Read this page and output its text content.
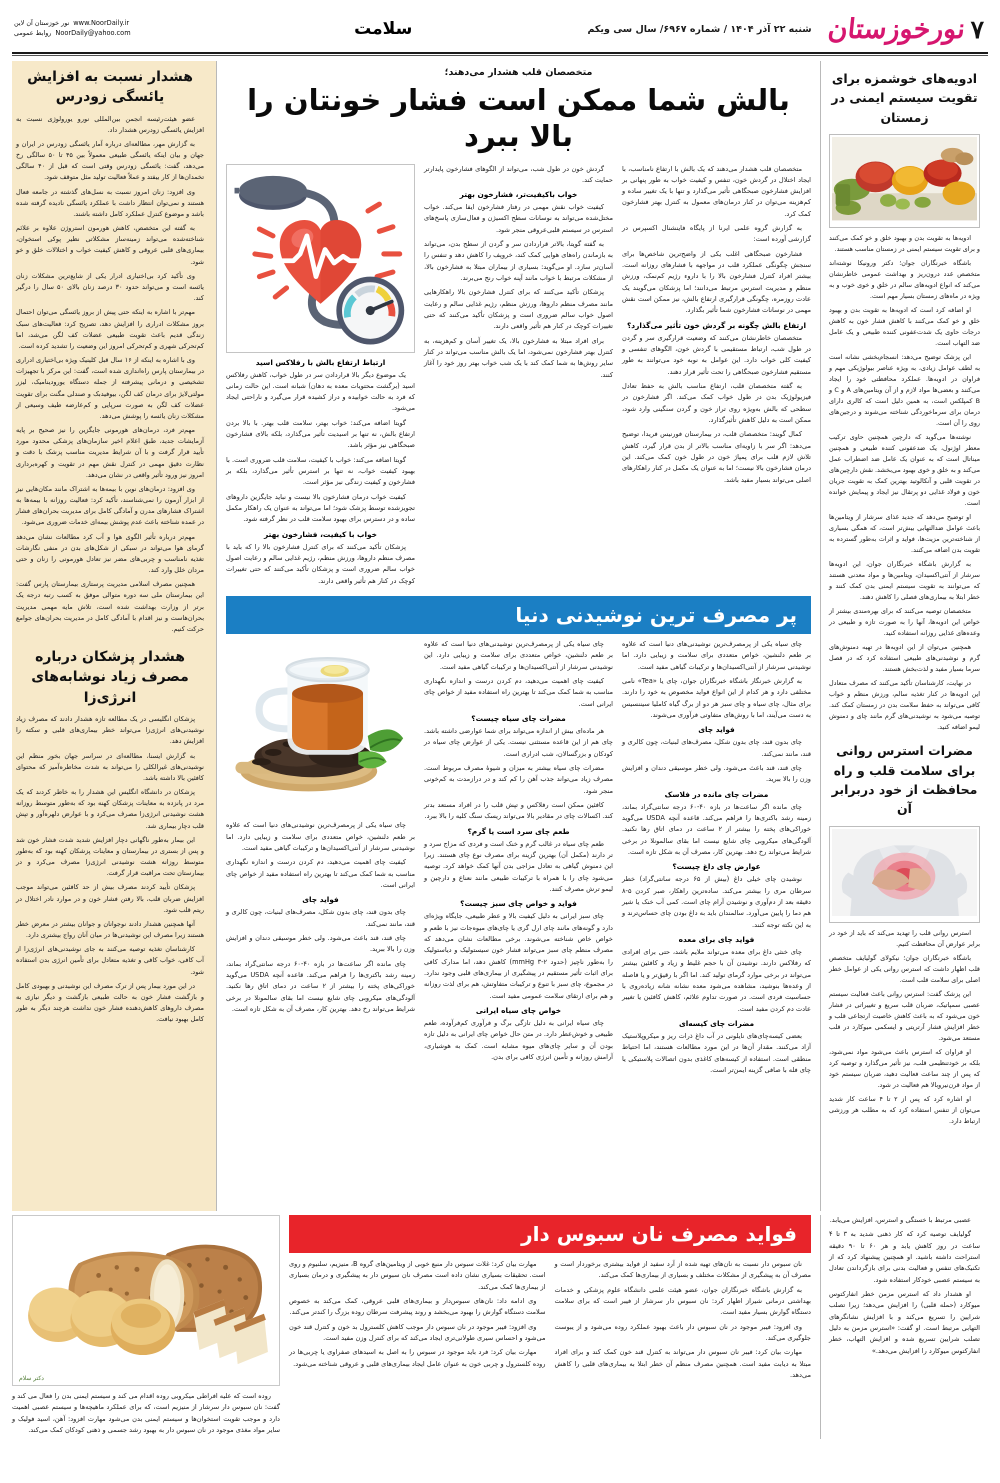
۷
نورخوزستان
شنبه ۲۲ آذر ۱۴۰۴ / شماره ۶۹۶۷/ سال سی ویکم
سلامت
نور خوزستان آن لاین www.NoorDaily.ir
روابط عمومی NoorDaily@yahoo.com
ادویه‌های خوشمزه برای تقویت سیستم ایمنی در زمستان

ادویه‌ها به تقویت بدن و بهبود خلق و خو کمک می‌کنند و برای تقویت سیستم ایمنی در زمستان مناسب هستند.

باشگاه خبرنگاران جوان؛ دکتر ورونیکا نوشته‌اند متخصص غدد درون‌ریز و بهداشت عمومی خاطرنشان می‌کند که انواع ادویه‌های سالم در خلق و خوی خوب و به ویژه در ماه‌های زمستان بسیار مهم است.

او اضافه کرد است که ادویه‌ها به تقویت بدن و بهبود خلق و خو کمک می‌کنند با کاهش فشار خون به کاهش درجات حاوی یک شدت‌عفونی کننده طبیعی و یک عامل ضد التهاب است.

این پزشک توضیح می‌دهد: انسجام‌بخشی نشانه است به لطف عوامل زیادی، به ویژه عناصر بیولوژیکی مهم و فراوان در ادویه‌ها. عملکرد محافظتی خود را ایجاد می‌کنند و بعضی‌ها مواد لازم و از آن ویتامین‌های A و C و B کمپلکس است، به همین دلیل است که کالری دارای درمان برای سرماخوردگی شناخته می‌شوند و درجین‌های روی را آن است.

نوشته‌ها می‌گوید که دارچین همچنین حاوی ترکیب معطر اوژنول، یک ضدعفونی کننده طبیعی و همچنین میناتال است که به عنوان یک عامل ضد اضطراب عمل می‌کند و به خلق و خوی بهبود می‌بخشد. نقش دارچین‌های در تقویت قلبی و آنکالوتید بهترین کمک به تقویت جریان خون و فولاد غذایی دو پرتقال نیز ایجاد و پیمایش خوانده است.

او توضیح می‌دهد که جدید غذای سرشار از ویتامین‌ها باعث عوامل ضدالتهابی بیش‌تر است، که همگی بسیاری از شناخته‌ترین مزیت‌ها، فواید و اثرات به‌طور گسترده به تقویت بدن اضافه می‌کنند.

به گزارش باشگاه خبرنگاران جوان، این ادویه‌ها سرشار از آنتی‌اکسیدان، ویتامین‌ها و مواد معدنی هستند که می‌توانند به تقویت سیستم ایمنی بدن کمک کنند و خطر ابتلا به بیماری‌های فصلی را کاهش دهند.

متخصصان توصیه می‌کنند که برای بهره‌مندی بیشتر از خواص این ادویه‌ها، آنها را به صورت تازه و طبیعی در وعده‌های غذایی روزانه استفاده کنید.

همچنین می‌توان از این ادویه‌ها در تهیه دمنوش‌های گرم و نوشیدنی‌های طبیعی استفاده کرد که در فصل سرما بسیار مفید و لذت‌بخش هستند.

در نهایت، کارشناسان تأکید می‌کنند که مصرف متعادل این ادویه‌ها در کنار تغذیه سالم، ورزش منظم و خواب کافی می‌تواند به حفظ سلامت بدن در زمستان کمک کند. توصیه می‌شود به نوشیدنی‌های گرم مانند چای و دمنوش لیمو اضافه کنید.

مضرات استرس روانی برای سلامت قلب و راه محافظت از خود دربرابر آن

استرس روانی قلب را تهدید می‌کند که باید از خود در برابر عوارض آن محافظت کنیم.

باشگاه خبرنگاران جوان؛ نیکولای گولیایف متخصص قلب اظهار داشت که استرس روانی یکی از عوامل خطر اصلی برای سلامت قلب است.

این پزشک گفت: استرس روانی باعث فعالیت سیستم عصبی سمپاتیک، ضربان قلب سریع و تغییراتی در فشار خون می‌شود که به باعث کاهش خاصیت ارتجاعی قلب و خطر افزایش فشار آرتریتی و ایسکمی میوکارد در قلب مستعد می‌شود.

او فراوان که استرس باعث می‌شود مواد نمی‌شود، بلکه بر خودتنظیمی قلب، نیز تأثیر می‌گذارد و توصیه کرد که پس از چند ساعت فعالیت دهید، ضربان سیستم خود از مواد قرن‌نیروبالا هم فعالیت در شود.

او اشاره کرد که پس از ۲ تا ۴ ساعت کار شدید می‌توان از تنفس استفاده کرد که به مطلب هر ورزشی ارتباط دارد.

متخصصان قلب هشدار می‌دهند؛
بالش شما ممکن است فشار خونتان را بالا ببرد

متخصصان قلب هشدار می‌دهند که یک بالش با ارتفاع نامناسب، با ایجاد اختلال در گردش خون، تنفس و کیفیت خواب به طور پنهانی بر افزایش فشارخون صبحگاهی تأثیر می‌گذارد و تنها با یک تغییر ساده و کم‌هزینه می‌توان در کنار درمان‌های معمول به کنترل بهتر فشارخون کمک کرد.

به گزارش گروه علمی ایرنا از پایگاه فاینشنال اکسپرس در گزارشی آورده است:

فشارخون صبحگاهی اغلب یکی از واضح‌ترین شاخص‌ها برای سنجش چگونگی عملکرد قلب در مواجهه با فشارهای روزانه است. بیشتر افراد کنترل فشارخون بالا را با داروء رژیم کم‌نمک، ورزش منظم و مدیریت استرس مرتبط می‌دانند؛ اما پزشکان می‌گویند یک عادت روزمره، چگونگی قرارگیری ارتفاع بالش، نیز ممکن است نقش مهمی در نوسانات فشارخون شما تأثیر بگذارد.

ارتفاع بالش چگونه بر گردش خون تأثیر می‌گذارد؟

متخصصان خاطرنشان می‌کنند که وضعیت قرارگیری سر و گردن در طول شب، ارتباط مستقیمی با گردش خون، الگوهای تنفسی و کیفیت کلی خواب دارد. این عوامل به نوبه خود می‌توانند به طور مستقیم فشارخون صبحگاهی را تحت تأثیر قرار دهند.

به گفته متخصصان قلب، ارتفاع مناسب بالش به حفظ تعادل فیزیولوژیک بدن در طول خواب کمک می‌کند. اگر فشارخون در سطحی که بالش به‌ویژه روی تراز خون و گردن سنگینی وارد شود، ممکن است به دلیل کاهش تأثیرگذارد.

کمال گویند: متخصصان قلب، در بیمارستان فورنیس فریدا، توضیح می‌دهد: اگر سر با زاویه‌ای مناسب بالاتر از بدن قرار گیرد، کاهش تلاش لازم قلب برای پمپاژ خون در طول خون کمک می‌کند. این درمان فشارخون بالا نیست؛ اما به عنوان یک مکمل در کنار راهکارهای اصلی می‌تواند بسیار مفید باشد.

گردش خون در طول شب، می‌تواند از الگوهای فشارخون پایدارتر حمایت کند.

خواب باکیفیت‌تر، فشارخون بهتر

کیفیت خواب نقش مهمی در رفتار فشارخون ایفا می‌کند. خواب مختل‌شده می‌تواند به نوسانات سطح اکسیژن و فعال‌سازی پاسخ‌های استرس در سیستم قلبی‌عروقی منجر شود.

به گفته گویتا، بالاتر قراردادن سر و گردن از سطح بدن، می‌تواند به بازماندن راه‌های هوایی کمک کند، خروپف را کاهش دهد و تنفس را آسان‌تر سازد. او می‌گوید: بسیاری از بیماران مبتلا به فشارخون بالا، از مشکلات مرتبط با خواب مانند آپنه خواب رنج می‌برند.

پزشکان تأکید می‌کنند که برای کنترل فشارخون بالا راهکارهایی مانند مصرف منظم داروها، ورزش منظم، رژیم غذایی سالم و رعایت اصول خواب سالم ضروری است و پزشکان تأکید می‌کنند که حتی تغییرات کوچک در کنار هم تأثیر واقعی دارند.

برای افراد مبتلا به فشارخون بالا، یک تغییر آسان و کم‌هزینه، به کنترل بهتر فشارخون نمی‌شود، اما یک بالش مناسب می‌تواند در کنار سایر روش‌ها به شما کمک کند با یک شب خواب بهتر روز خود را آغاز کنند.

ارتباط ارتفاع بالش با رفلاکس اسید

یک موضوع دیگر بالا قراردادن سر در طول خواب، کاهش رفلاکس اسید (برگشت محتویات معده به دهان) شبانه است. این حالت زمانی که فرد به حالت خوابیده و دراز کشیده قرار می‌گیرد و ناراحتی ایجاد می‌شود.

گویتا اضافه می‌کند: خواب بهتر، سلامت قلب بهتر. با بالا بردن ارتفاع بالش، نه تنها بر اسیدیت تأثیر می‌گذارد، بلکه بالای فشارخون صبحگاهی نیز مؤثر باشد.

گویتا اضافه می‌کند: خواب با کیفیت، سلامت قلب ضروری است. با بهبود کیفیت خواب، نه تنها بر استرس تأثیر می‌گذارد، بلکه بر فشارخون و کیفیت زندگی نیز مؤثر است.

کیفیت خواب درمان فشارخون بالا نیست و نباید جایگزین داروهای تجویزشده توسط پزشک شود؛ اما می‌تواند به عنوان یک راهکار مکمل ساده و در دسترس برای بهبود سلامت قلب در نظر گرفته شود.

خواب با کیفیت، فشارخون بهتر

پزشکان تأکید می‌کنند که برای کنترل فشارخون بالا را که باید با مصرف منظم داروها، ورزش منظم، رژیم غذایی سالم و رعایت اصول خواب سالم ضروری است و پزشکان تأکید می‌کنند که حتی تغییرات کوچک در کنار هم تأثیر واقعی دارند.

پر مصرف ترین نوشیدنی دنیا

چای سیاه یکی از پرمصرف‌ترین نوشیدنی‌های دنیا است که علاوه بر طعم دلنشین، خواص متعددی برای سلامت و زیبایی دارد. اما نوشیدنی سرشار از آنتی‌اکسیدان‌ها و ترکیبات گیاهی مفید است.

به گزارش خبرنگار باشگاه خبرنگاران جوان، چای یا «Tea» نامی مختلفی دارد و هر کدام از این انواع فواید مخصوص به خود را دارند. برای مثال، چای سیاه و چای سبز هر دو از برگ گیاه کاملیا سیننسیس به دست می‌آیند، اما با روش‌های متفاوتی فرآوری می‌شوند.

فواید چای

چای بدون قند، چای بدون شکل، مصرف‌های لبنیات، چون کالری و قند، مانند نمی‌کند.

چای قند، قند باعث می‌شود. ولی خطر موسیقی دندان و افزایش وزن را بالا ببرید.

مضرات چای مانده در فلاسک

چای مانده اگر ساعت‌ها در بازه ۴۰-۶۰ درجه سانتی‌گراد بماند، زمینه رشد باکتری‌ها را فراهم می‌کند. قاعده آنچه USDA می‌گوید خوراکی‌های پخته را بیشتر از ۲ ساعت در دمای اتاق رها نکنید. آلودگی‌های میکروبی چای شایع نیست اما بقای سالمونلا در برخی شرایط می‌تواند رخ دهد. بهترین کار، مصرف آن به شکل تازه است.

عوارض چای داغ چیست؟

نوشیدن چای خیلی داغ (بیش از ۶۵ درجه سانتی‌گراد) خطر سرطان مری را بیشتر می‌کند. ساده‌ترین راهکار، صبر کردن ۵-۸ دقیقه بعد از دم‌آوری و نوشیدن آرام چای است. کمی آب خنک یا شیر هم دما را پایین می‌آورد. سالمندان باید به داغ بودن چای حساس‌ترند و به این نکته توجه کنند.

فواید چای برای معده

چای خنثی داغ برای معده می‌تواند ملایم باشد، حتی برای افرادی که رفلاکس دارند. نوشیدن آن با حجم غلیظ و زیاد و کافئین بیشتر می‌تواند در برخی موارد گرمای تولید کند. اما اگر با رقیق‌تر و یا فاصله از وعده‌ها بنوشید، مشاهده می‌شود معده نشانه شانه زیاده‌روی با حساسیت فردی است. در صورت تداوم علائم، کاهش کافئین یا تغییر عادت دم کردن مفید است.

مضرات چای کیسه‌ای

بعضی کیسه‌چای‌های نایلونی در آب داغ ذرات ریز و میکروپلاستیک آزاد می‌کنند. مقدار آن‌ها در این مورد مطالعات هستند، اما احتیاط منطقی است. استفاده از کیسه‌های کاغذی بدون اتصالات پلاستیکی یا چای فله با صافی گزینه ایمن‌تر است.

چای سیاه یکی از پرمصرف‌ترین نوشیدنی‌های دنیا است که علاوه بر طعم دلنشین، خواص متعددی برای سلامت و زیبایی دارد. این نوشیدنی سرشار از آنتی‌اکسیدان‌ها و ترکیبات گیاهی مفید است.

کیفیت چای اهمیت می‌دهید، دم کردن درست و اندازه نگهداری مناسب به شما کمک می‌کند تا بهترین راه استفاده مفید از خواص چای ایرانی است.

مضرات چای سیاه چیست؟

هر ماده‌ای بیش از اندازه می‌تواند برای شما عوارضی داشته باشد. چای هم از این قاعده مستثنی نیست. یکی از عوارض چای سیاه در کودکان و بزرگسالان، شب ادراری است.

مضرات چای سیاه بیشتر به میزان و شیوهٔ مصرف مربوط است. مصرف زیاد می‌تواند جذب آهن را کم کند و در درازمدت به کم‌خونی منجر شود.

کافئین ممکن است رفلاکس و تپش قلب را در افراد مستعد بدتر کند. اکسالات چای در مقادیر بالا می‌تواند ریسک سنگ کلیه را بالا ببرد.

طعم چای سرد است یا گرم؟

طعم چای سیاه در غالب گرم و خنک است و فردی که مزاج سرد و تر دارند (مکمل آن) بهترین گزینه برای مصرف نوع چای هستند. زیرا این دمنوش گیاهی به تعادل مزاجی بدن آنها کمک خواهد کرد. توصیه می‌شود چای را با همراه با ترکیبات طبیعی مانند نعناع و دارچین و لیمو ترش مصرف کنند.

فواید و خواص چای سبز چیست؟

چای سبز ایرانی به دلیل کیفیت بالا و عطر طبیعی، جایگاه ویژه‌ای دارد و گونه‌های مانند چای ارل گری یا چای‌های میوه‌جات نیز با طعم و خواص خاص شناخته می‌شوند. برخی مطالعات نشان می‌دهد که مصرف منظم چای سبز می‌تواند فشار خون سیستولیک و دیاستولیک را به‌طور ناچیز (حدود ۲-۳ mmHg) کاهش دهد، اما مدارک کافی برای اثبات تأثیر مستقیم در پیشگیری از بیماری‌های قلبی وجود ندارد. در مجموع، چای سبز با تنوع و ترکیبات متفاوتش، هم برای لذت روزانه و هم برای ارتقای سلامت عمومی مفید است.

خواص چای سیاه ایرانی

چای سیاه ایرانی به دلیل تازگی برگ و فرآوری کم‌فرآوده، طعم طبیعی و خوش‌عطر دارد. در متن حال خواص چای ایرانی به دلیل تازه بودن آن و سایر چای‌های میوه مشابه است. کمک به هوشیاری، آرامش روزانه و تأمین انرژی کافی برای بدن.

چای سیاه یکی از پرمصرف‌ترین نوشیدنی‌های دنیا است که علاوه بر طعم دلنشین، خواص متعددی برای سلامت و زیبایی دارد. اما نوشیدنی سرشار از آنتی‌اکسیدان‌ها و ترکیبات گیاهی مفید است.

کیفیت چای اهمیت می‌دهید، دم کردن درست و اندازه نگهداری مناسب به شما کمک می‌کند تا بهترین راه استفاده مفید از خواص چای ایرانی است.

فواید چای

چای بدون قند، چای بدون شکل، مصرف‌های لبنیات، چون کالری و قند، مانند نمی‌کند.

چای قند، قند باعث می‌شود. ولی خطر موسیقی دندان و افزایش وزن را بالا ببرید.

چای مانده اگر ساعت‌ها در بازه ۴۰-۶۰ درجه سانتی‌گراد بماند، زمینه رشد باکتری‌ها را فراهم می‌کند. قاعده آنچه USDA می‌گوید خوراکی‌های پخته را بیشتر از ۲ ساعت در دمای اتاق رها نکنید. آلودگی‌های میکروبی چای شایع نیست اما بقای سالمونلا در برخی شرایط می‌تواند رخ دهد. بهترین کار، مصرف آن به شکل تازه است.

هشدار نسبت به افزایش یائسگی زودرس

عضو هیئت‌رئیسه انجمن بین‌المللی نورو یورولوژی نسبت به افزایش یائسگی زودرس هشدار داد.

به گزارش مهر، مطالعه‌ای درباره آمار یائسگی زودرس در ایران و جهان و بیان اینکه یائسگی طبیعی معمولاً بین ۴۵ تا ۵۰ سالگی رخ می‌دهد، گفت: یائسگی زودرس وقتی است که قبل از ۴۰ سالگی تخمدان‌ها از کار بیفتد و عملاً فعالیت تولید مثل متوقف شود.

وی افزود: زنان امروز نسبت به نسل‌های گذشته در جامعه فعال هستند و نمی‌توان انتظار داشت با عملکرد یائسگی نادیده گرفته شده باشد و موضوع کنترل عملکرد کامل داشته باشند.

به گفته این متخصص، کاهش هورمون استروژن علاوه بر علائم شناخته‌شده می‌تواند زمینه‌ساز مشکلاتی نظیر پوکی استخوان، بیماری‌های قلبی عروقی و کاهش کیفیت خواب و اختلالات خلق و خو شود.

وی تأکید کرد بی‌اختیاری ادرار یکی از شایع‌ترین مشکلات زنان یائسه است و می‌تواند حدود ۳۰ درصد زنان بالای ۵۰ سال را درگیر کند.

مهم‌تر با اشاره به اینکه حتی پیش از بروز یائسگی می‌توان احتمال بروز مشکلات ادراری را افزایش دهد، تصریح کرد: فعالیت‌های سبک زندگی قدیم باعث تقویت طبیعی عضلات کف لگن می‌شد، اما کم‌تحرکی شهری و کم‌تحرکی امروز این وضعیت را تشدید کرده است.

وی با اشاره به اینکه از ۱۶ سال قبل کلینیک ویژه بی‌اختیاری ادراری در بیمارستان پارس راه‌اندازی شده است، گفت: این مرکز با تجهیزات تشخیصی و درمانی پیشرفته از جمله دستگاه یورودینامیک، لیزر مولتی‌لایژ برای درمان کف لگن، بیوفیدبک و صندلی مگنت برای تقویت عضلات کف لگن به صورت سرپایی و کم‌عارضه طیف وسیعی از مشکلات زنان یائسه را پوشش می‌دهد.

مهم‌تر فرد، درمان‌های هورمونی جایگزین را نیز صحیح بر پایه آزمایشات جدید، طبق اعلام اخیر سازمان‌های پزشکی محدود مورد تأیید قرار گرفت و با آن شرایط مدیریت مناسب پزشک با دقت و نظارت دقیق مهمی در کنترل نقش مهم در تقویت و کهره‌برداری امروز نیز ورود تأثیر واقعی در نشان می‌دهد.

وی افزود: درمان‌های نوین با بیمه‌ها به اشتراک مانند مکان‌هایی نیز از ابزار آزمون را نمی‌شناسند، تأکید کرد: فعالیت روزانه با بیمه‌ها به اشتراک فشارهای مدرن و آمادگی کامل برای مدیریت بحران‌های فشار در عمده شناخته باعث عدم پوشش بیمه‌ای خدمات ضروری می‌شود.

مهم‌تر درباره تأثیر الگوی هوا و آب کرد مطالعات نشان می‌دهد گرمای هوا می‌تواند در سبکی از شکل‌های بدن در منفی نگارشات تغذیه نامناسب و چربی‌های مضر نیز تعادل هورمونی را زنان و حتی مردان خلل وارد کند.

همچنین مصرف اسلامی مدیریت پرستاری بیمارستان پارس گفت: این بیمارستان ملی سه دوره متوالی موفق به کسب رتبه درجه یک برتر از وزارت بهداشت شده است، تلاش مایه مهمی مدیریت بحران‌هاست و نیز اقدام با آمادگی کامل در مدیریت بحران‌های جوامع حرکت کنیم.

هشدار پزشکان درباره مصرف زیاد نوشابه‌های انرژی‌زا

پزشکان انگلیسی در یک مطالعه تازه هشدار دادند که مصرف زیاد نوشیدنی‌های انرژی‌زا می‌تواند خطر بیماری‌های قلبی و سکته را افزایش دهد.

به گزارش ایسنا، مطالعه‌ای در سراسر جهان بخور منظم این نوشیدنی‌های غیرالکلی را می‌تواند به شدت مخاطره‌آمیز که محتوای کافئین بالا داشته باشد.

پزشکان در دانشگاه انگلیس این هشدار را به خاطر کردند که یک مرد در پانزده به معاینات پزشکان کهنه بود که به‌طور متوسط روزانه هشت نوشیدنی انرژی‌زا مصرف می‌کرد و با عوارض دلهره‌آور و تپش قلب دچار بیماری شد.

این بیمار به‌طور ناگهانی دچار افزایش شدید شدت فشار خون شد و پس از بستری در بیمارستان و معاینات پزشکان کهنه بود که به‌طور متوسط روزانه هشت نوشیدنی انرژی‌زا مصرف می‌کرد و در بیمارستان تحت مراقبت قرار گرفت.

پزشکان تأیید کردند مصرف بیش از حد کافئین می‌تواند موجب افزایش ضربان قلب، بالا رفتن فشار خون و در موارد نادر اختلال در ریتم قلب شود.

آنها همچنین هشدار دادند نوجوانان و جوانان بیشتر در معرض خطر هستند زیرا مصرف این نوشیدنی‌ها در میان آنان رواج بیشتری دارد.

کارشناسان تغذیه توصیه می‌کنند به جای نوشیدنی‌های انرژی‌زا از آب کافی، خواب کافی و تغذیه متعادل برای تأمین انرژی بدن استفاده شود.

در این مورد بیمار پس از ترک مصرف این نوشیدنی و بهبودی کامل و بازگشت فشار خون به حالت طبیعی بازگشت و دیگر نیازی به مصرف داروهای کاهش‌دهنده فشار خون نداشت هرچند دیگر به طور کامل بهبود نیافت.

عصبی مرتبط با خستگی و استرس، افزایش می‌یابد.

گولیایف توصیه کرد که کار ذهنی شدید به ۳ تا ۴ ساعت در روز کاهش یابد و هر ۶۰ تا ۹۰ دقیقه استراحت داشته باشید. او همچنین پیشنهاد کرد که از تکنیک‌های تنفس و فعالیت بدنی برای بازگرداندن تعادل به سیستم عصبی خودکار استفاده شود.

او هشدار داد که استرس مزمن خطر انفارکتوس میوکارد (حمله قلبی) را افزایش می‌دهد؛ زیرا تصلب شرایین را تسریع می‌کند و با افزایش نشانگرهای التهابی مرتبط است. او گفت: «استرس مزمن به دلیل تصلب شرایین تسریع شده و افزایش التهاب، خطر انفارکتوس میوکارد را افزایش می‌دهد.»

فواید مصرف نان سبوس دار

نان سبوس دار نسبت به نان‌های تهیه شده از آرد سفید از فواید بیشتری برخوردار است و مصرف آن به پیشگیری از مشکلات مختلف و بسیاری از بیماری‌ها کمک می‌کند.

به گزارش باشگاه خبرنگاران جوان، عضو هیئت علمی دانشگاه علوم پزشکی و خدمات بهداشتی درمانی شیراز اظهار کرد: نان سبوس دار سرشار از فیبر است که برای سلامت دستگاه گوارش بسیار مفید است.

وی افزود: فیبر موجود در نان سبوس دار باعث بهبود عملکرد روده می‌شود و از یبوست جلوگیری می‌کند.

مهارت بیان کرد: فیبر نان سبوس دار می‌تواند به کنترل قند خون کمک کند و برای افراد مبتلا به دیابت مفید است. همچنین مصرف منظم آن خطر ابتلا به بیماری‌های قلبی را کاهش می‌دهد.

مهارت بیان کرد: غلات سبوس دار منبع خوبی از ویتامین‌های گروه B، منیزیم، سلنیوم و روی است. تحقیقات بسیاری نشان داده است مصرف نان سبوس دار به پیشگیری و درمان بسیاری از بیماری‌ها کمک می‌کند.

وی ادامه داد: نان‌های سبوس‌دار و بیماری‌های قلبی عروقی، کمک می‌کند به خصوص سلامت دستگاه گوارش را بهبود می‌بخشد و روند پیشرفت سرطان روده بزرگ را کندتر می‌کند.

وی افزود: فیبر موجود در نان سبوس دار موجب کاهش کلسترول بد خون و کنترل قند خون می‌شود و احساس سیری طولانی‌تری ایجاد می‌کند که برای کنترل وزن مفید است.

مهارت بیان کرد: فرد باید موجود در سبوس را به اصل به اسیدهای صفراوی یا چربی‌ها در روده کلسترول و چربی خون به عنوان عامل ایجاد بیماری‌های قلبی و عروقی شناخته می‌شود.

دکتر سلام

روده است که علیه افراطی میکروبی روده اقدام می کند و سیستم ایمنی بدن را فعال می کند و گفت: نان سبوس دار سرشار از منیزیم است، که برای عملکرد ماهیچه‌ها و سیستم عصبی اهمیت دارد و موجب تقویت استخوان‌ها و سیستم ایمنی بدن می‌شود مهارت افزود: آهن، اسید فولیک و سایر مواد مغذی موجود در نان سبوس دار به بهبود رشد جسمی و ذهنی کودکان کمک می‌کند.
